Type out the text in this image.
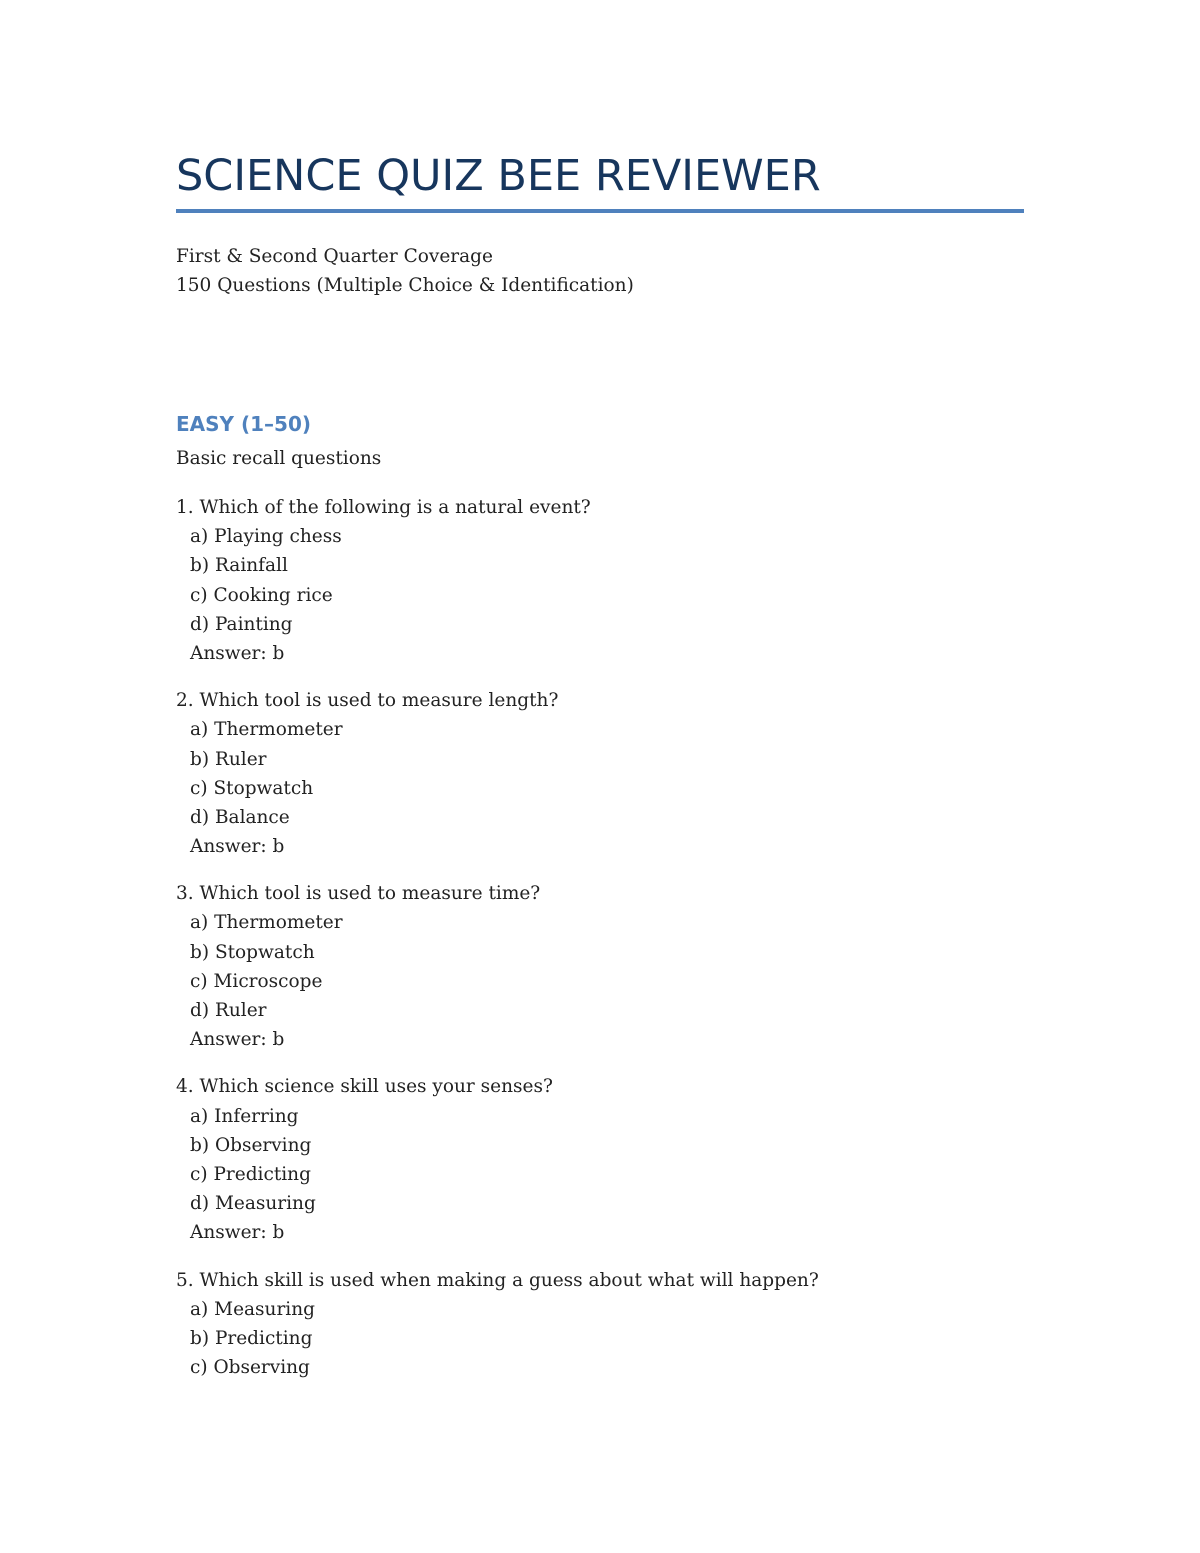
SCIENCE QUIZ BEE REVIEWER
First & Second Quarter Coverage
150 Questions (Multiple Choice & Identification)
EASY (1–50)
Basic recall questions
1. Which of the following is a natural event?
a) Playing chess
b) Rainfall
c) Cooking rice
d) Painting
Answer: b
2. Which tool is used to measure length?
a) Thermometer
b) Ruler
c) Stopwatch
d) Balance
Answer: b
3. Which tool is used to measure time?
a) Thermometer
b) Stopwatch
c) Microscope
d) Ruler
Answer: b
4. Which science skill uses your senses?
a) Inferring
b) Observing
c) Predicting
d) Measuring
Answer: b
5. Which skill is used when making a guess about what will happen?
a) Measuring
b) Predicting
c) Observing
